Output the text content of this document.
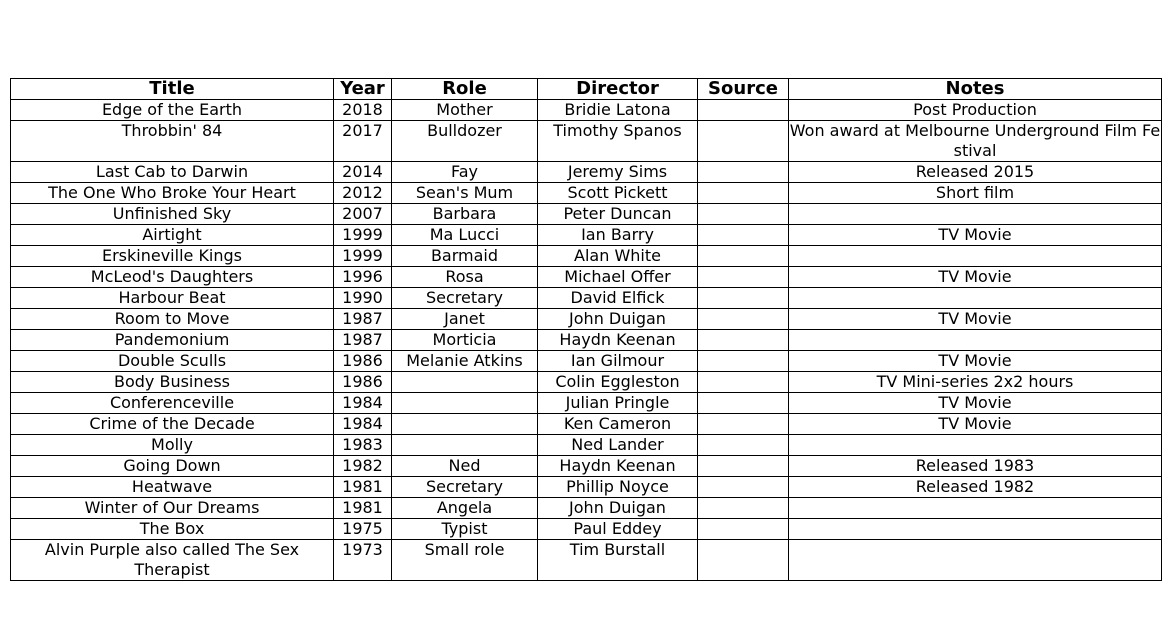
Title	Year	Role	Director	Source	Notes
Edge of the Earth	2018	Mother	Bridie Latona		Post Production
Throbbin' 84	2017	Bulldozer	Timothy Spanos		Won award at Melbourne Underground Film Festival
Last Cab to Darwin	2014	Fay	Jeremy Sims		Released 2015
The One Who Broke Your Heart	2012	Sean's Mum	Scott Pickett		Short film
Unfinished Sky	2007	Barbara	Peter Duncan		
Airtight	1999	Ma Lucci	Ian Barry		TV Movie
Erskineville Kings	1999	Barmaid	Alan White		
McLeod's Daughters	1996	Rosa	Michael Offer		TV Movie
Harbour Beat	1990	Secretary	David Elfick		
Room to Move	1987	Janet	John Duigan		TV Movie
Pandemonium	1987	Morticia	Haydn Keenan		
Double Sculls	1986	Melanie Atkins	Ian Gilmour		TV Movie
Body Business	1986		Colin Eggleston		TV Mini-series 2x2 hours
Conferenceville	1984		Julian Pringle		TV Movie
Crime of the Decade	1984		Ken Cameron		TV Movie
Molly	1983		Ned Lander		
Going Down	1982	Ned	Haydn Keenan		Released 1983
Heatwave	1981	Secretary	Phillip Noyce		Released 1982
Winter of Our Dreams	1981	Angela	John Duigan		
The Box	1975	Typist	Paul Eddey		
Alvin Purple also called The Sex Therapist	1973	Small role	Tim Burstall		
